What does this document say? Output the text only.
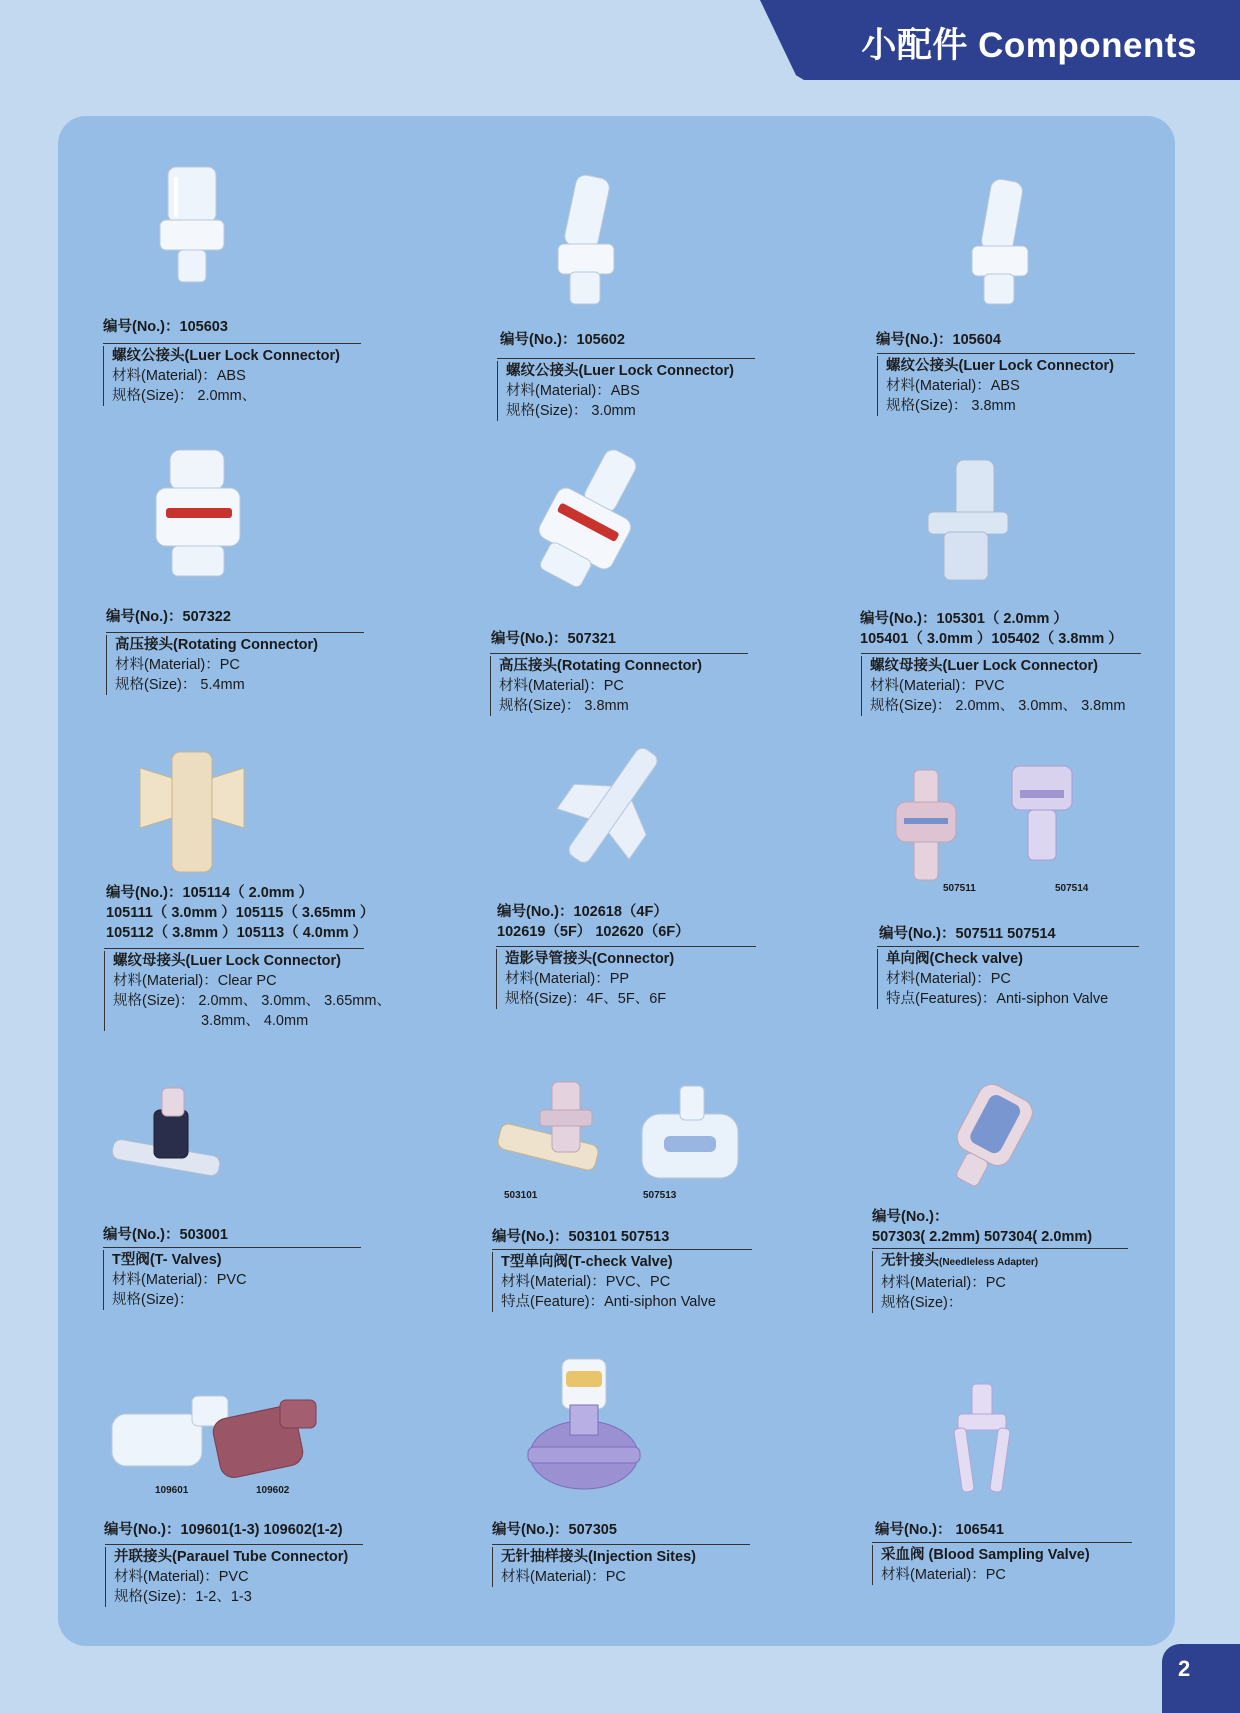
小配件 Components
编号(No.)：105603
螺纹公接头(Luer Lock Connector)
材料(Material)：ABS
规格(Size)： 2.0mm、
编号(No.)：105602
螺纹公接头(Luer Lock Connector)
材料(Material)：ABS
规格(Size)： 3.0mm
编号(No.)：105604
螺纹公接头(Luer Lock Connector)
材料(Material)：ABS
规格(Size)： 3.8mm
编号(No.)：507322
高压接头(Rotating Connector)
材料(Material)：PC
规格(Size)： 5.4mm
编号(No.)：507321
高压接头(Rotating Connector)
材料(Material)：PC
规格(Size)： 3.8mm
编号(No.)：105301（ 2.0mm ）
105401（ 3.0mm ）105402（ 3.8mm ）
螺纹母接头(Luer Lock Connector)
材料(Material)：PVC
规格(Size)： 2.0mm、 3.0mm、 3.8mm
编号(No.)：105114（ 2.0mm ）
105111（ 3.0mm ）105115（ 3.65mm ）
105112（ 3.8mm ）105113（ 4.0mm ）
螺纹母接头(Luer Lock Connector)
材料(Material)：Clear PC
规格(Size)： 2.0mm、 3.0mm、 3.65mm、
3.8mm、 4.0mm
编号(No.)：102618（4F）
102619（5F） 102620（6F）
造影导管接头(Connector)
材料(Material)：PP
规格(Size)：4F、5F、6F
507511	507514
编号(No.)：507511 507514
单向阀(Check valve)
材料(Material)：PC
特点(Features)：Anti-siphon Valve
编号(No.)：503001
T型阀(T- Valves)
材料(Material)：PVC
规格(Size)：
503101	507513
编号(No.)：503101 507513
T型单向阀(T-check Valve)
材料(Material)：PVC、PC
特点(Feature)：Anti-siphon Valve
编号(No.)：
507303( 2.2mm) 507304( 2.0mm)
无针接头(Needleless Adapter)
材料(Material)：PC
规格(Size)：
109601	109602
编号(No.)：109601(1-3) 109602(1-2)
并联接头(Parauel Tube Connector)
材料(Material)：PVC
规格(Size)：1-2、1-3
编号(No.)：507305
无针抽样接头(Injection Sites)
材料(Material)：PC
编号(No.)： 106541
采血阀 (Blood Sampling Valve)
材料(Material)：PC
2
